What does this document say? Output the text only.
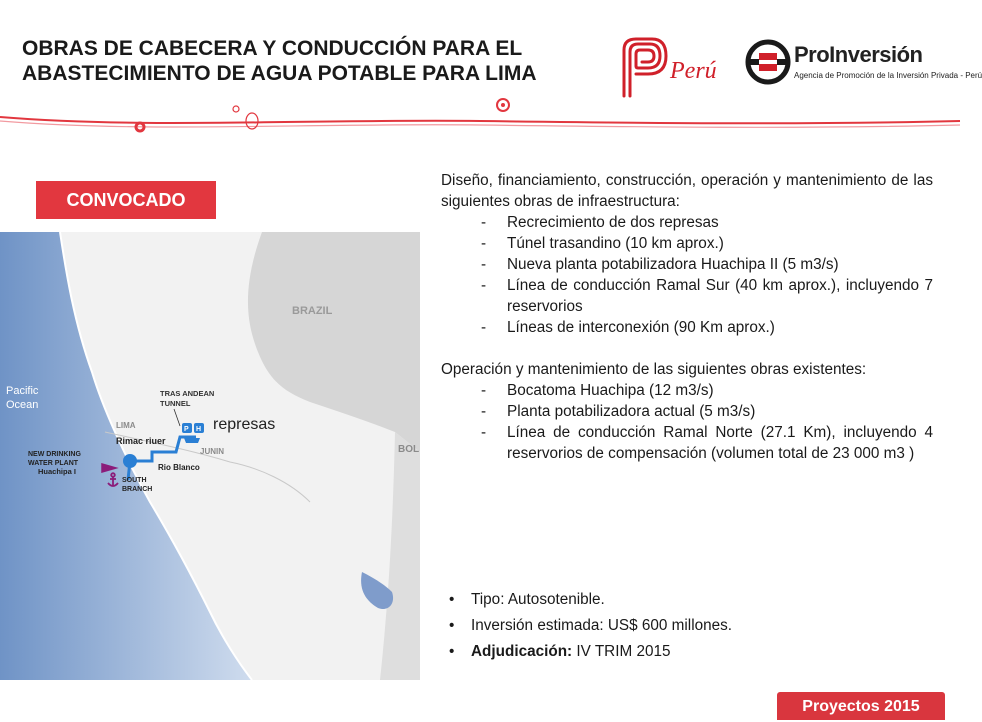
OBRAS DE CABECERA Y CONDUCCIÓN PARA EL
ABASTECIMIENTO DE AGUA POTABLE PARA LIMA	Perú
ProInversión
Agencia de Promoción de la Inversión Privada - Perú
CONVOCADO
BRAZIL
Pacific
Ocean
LIMA
JUNIN	BOL
TRAS ANDEAN
TUNNEL
Rimac riuer
NEW DRINKING
WATER PLANT
Huachipa I
P H
Rio Blanco
SOUTH
BRANCH
represas
Diseño, financiamiento, construcción, operación y mantenimiento de las siguientes obras de infraestructura:
- Recrecimiento de dos represas
- Túnel trasandino (10 km aprox.)
- Nueva planta potabilizadora Huachipa II (5 m3/s)
- Línea de conducción Ramal Sur (40 km aprox.), incluyendo 7 reservorios
- Líneas de interconexión (90 Km aprox.)
Operación y mantenimiento de las siguientes obras existentes:
- Bocatoma Huachipa (12 m3/s)
- Planta potabilizadora actual (5 m3/s)
- Línea de conducción Ramal Norte (27.1 Km), incluyendo 4 reservorios de compensación (volumen total de 23 000 m3 )
• Tipo: Autosotenible.
• Inversión estimada: US$ 600 millones.
• Adjudicación: IV TRIM 2015
Proyectos 2015
